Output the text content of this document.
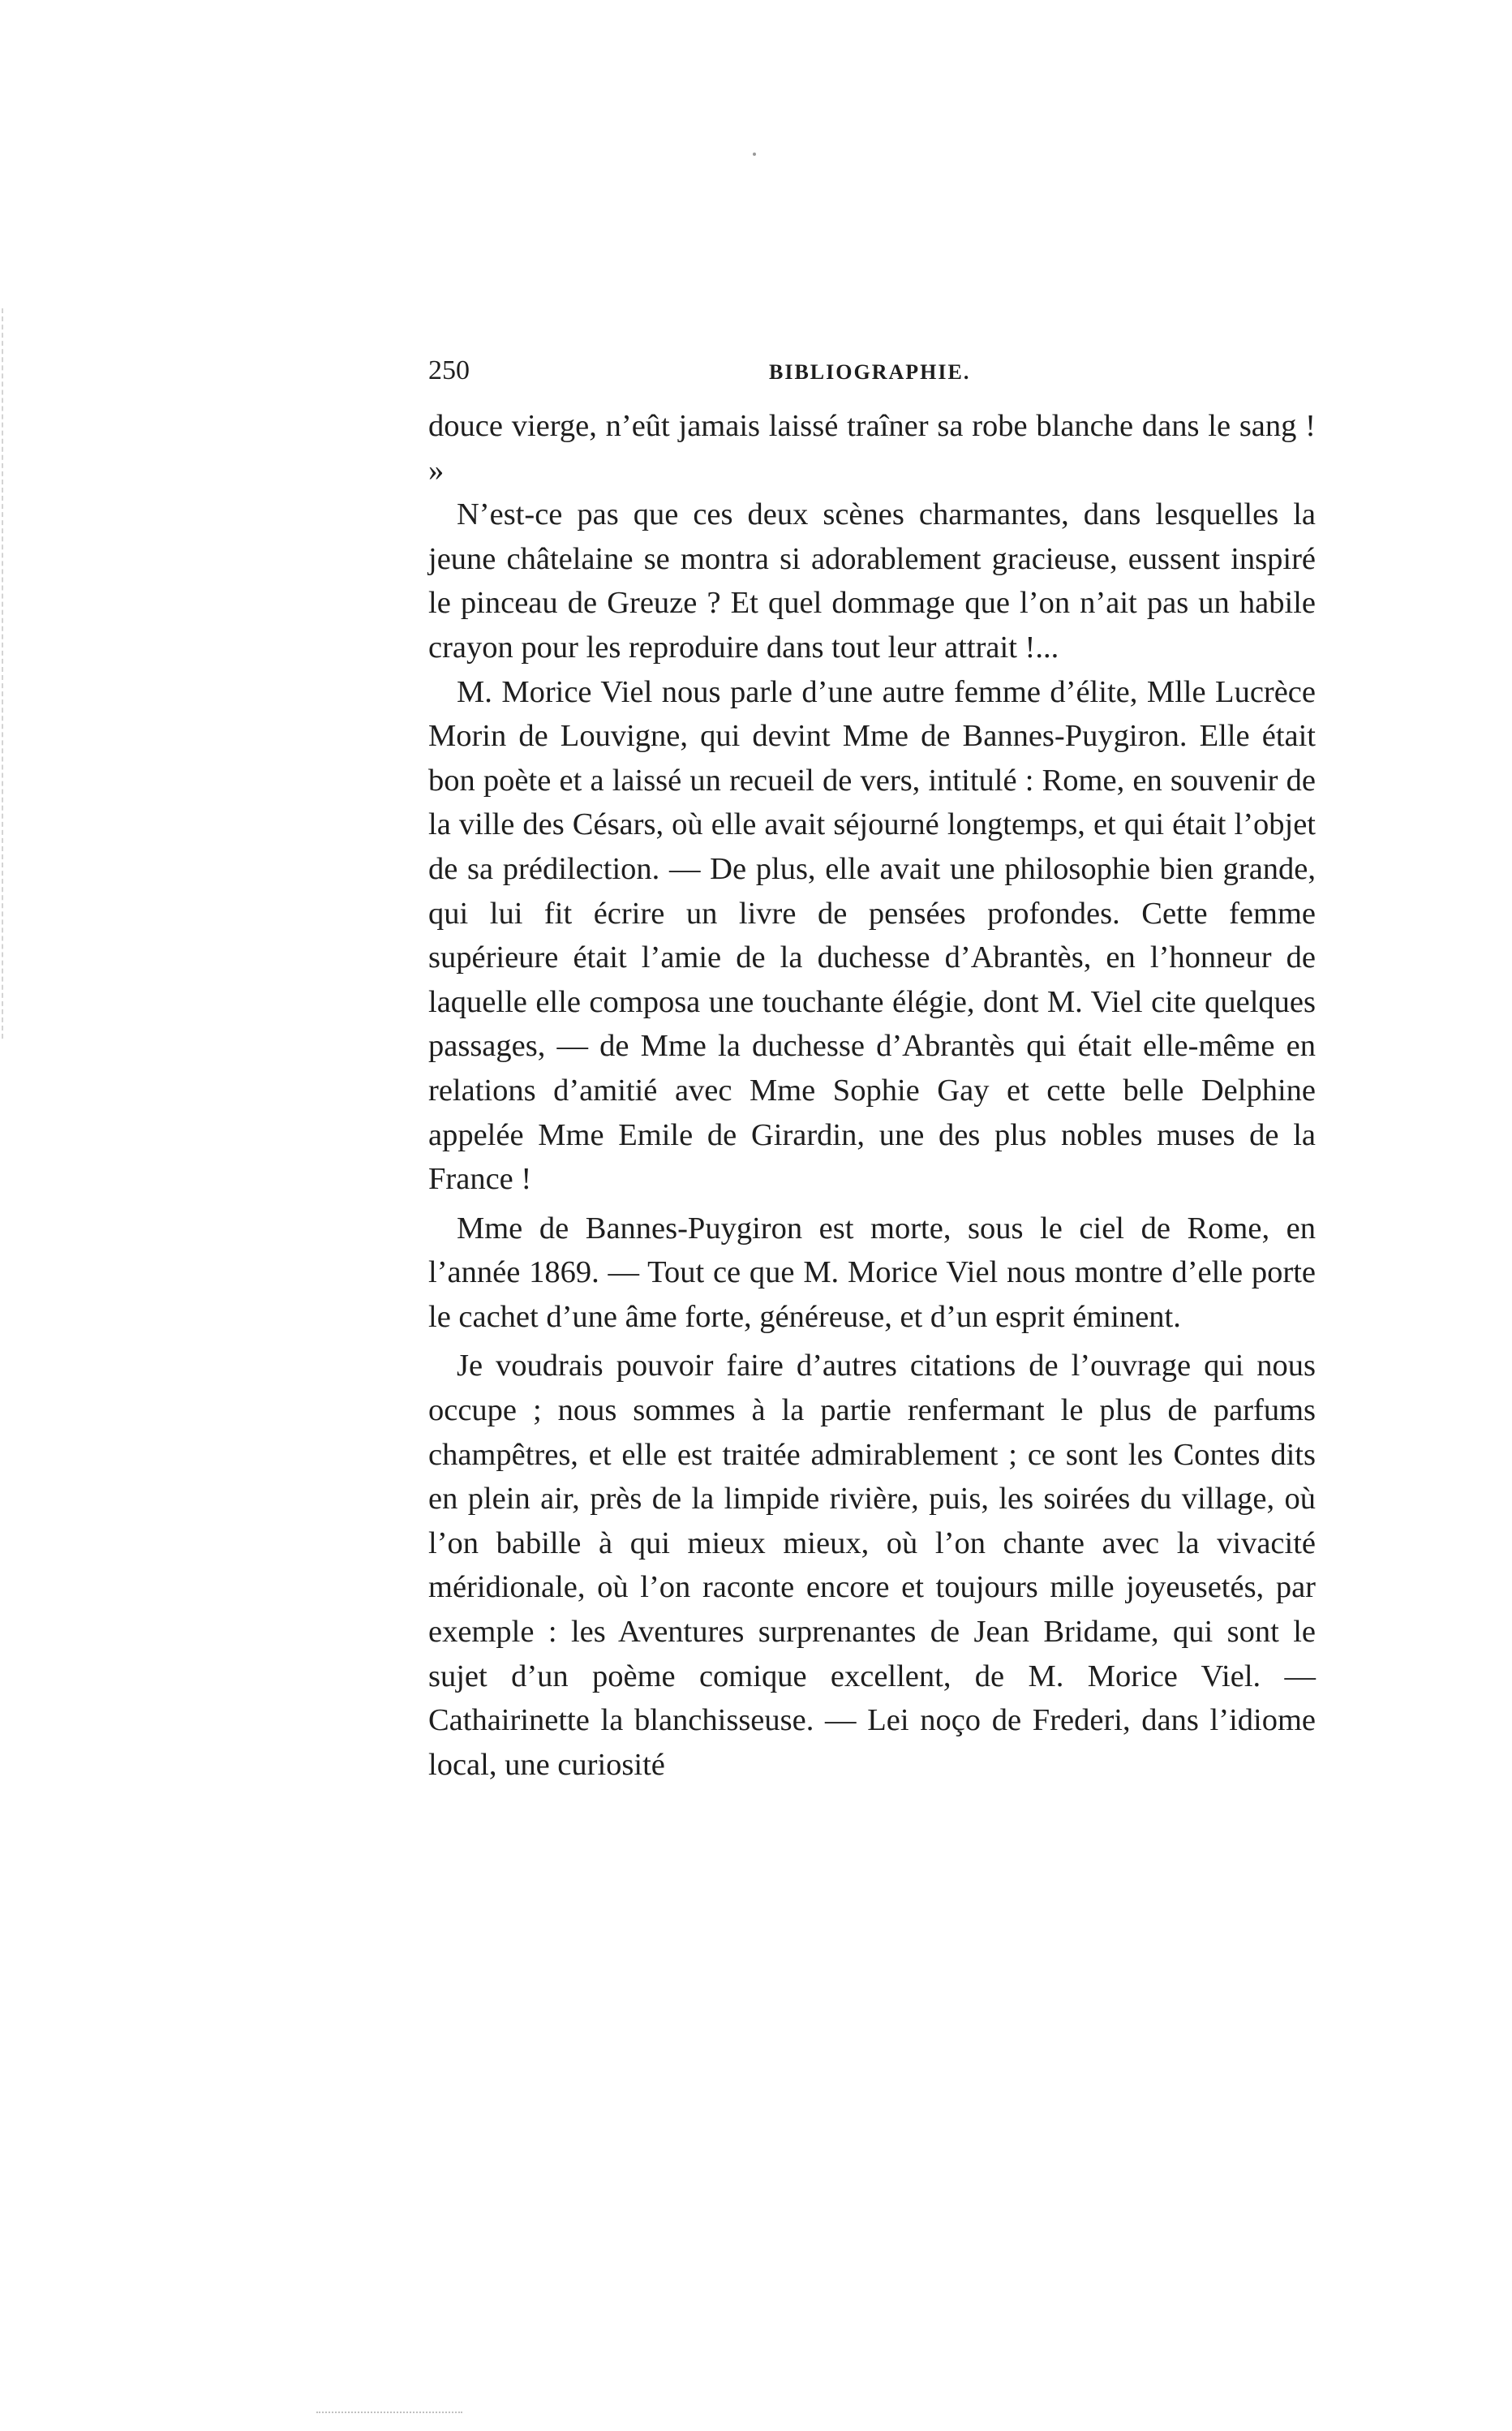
250	BIBLIOGRAPHIE.

douce vierge, n’eût jamais laissé traîner sa robe blanche dans le sang ! »

N’est-ce pas que ces deux scènes charmantes, dans lesquelles la jeune châtelaine se montra si adorablement gracieuse, eussent inspiré le pinceau de Greuze ? Et quel dommage que l’on n’ait pas un habile crayon pour les reproduire dans tout leur attrait !...

M. Morice Viel nous parle d’une autre femme d’élite, Mlle Lucrèce Morin de Louvigne, qui devint Mme de Bannes-Puygiron. Elle était bon poète et a laissé un recueil de vers, intitulé : Rome, en souvenir de la ville des Césars, où elle avait séjourné longtemps, et qui était l’objet de sa prédilection. — De plus, elle avait une philosophie bien grande, qui lui fit écrire un livre de pensées profondes. Cette femme supérieure était l’amie de la duchesse d’Abrantès, en l’honneur de laquelle elle composa une touchante élégie, dont M. Viel cite quelques passages, — de Mme la duchesse d’Abrantès qui était elle-même en relations d’amitié avec Mme Sophie Gay et cette belle Delphine appelée Mme Emile de Girardin, une des plus nobles muses de la France !

Mme de Bannes-Puygiron est morte, sous le ciel de Rome, en l’année 1869. — Tout ce que M. Morice Viel nous montre d’elle porte le cachet d’une âme forte, généreuse, et d’un esprit éminent.

Je voudrais pouvoir faire d’autres citations de l’ouvrage qui nous occupe ; nous sommes à la partie renfermant le plus de parfums champêtres, et elle est traitée admirablement ; ce sont les Contes dits en plein air, près de la limpide rivière, puis, les soirées du village, où l’on babille à qui mieux mieux, où l’on chante avec la vivacité méridionale, où l’on raconte encore et toujours mille joyeusetés, par exemple : les Aventures surprenantes de Jean Bridame, qui sont le sujet d’un poème comique excellent, de M. Morice Viel. — Cathairinette la blanchisseuse. — Lei noço de Frederi, dans l’idiome local, une curiosité
